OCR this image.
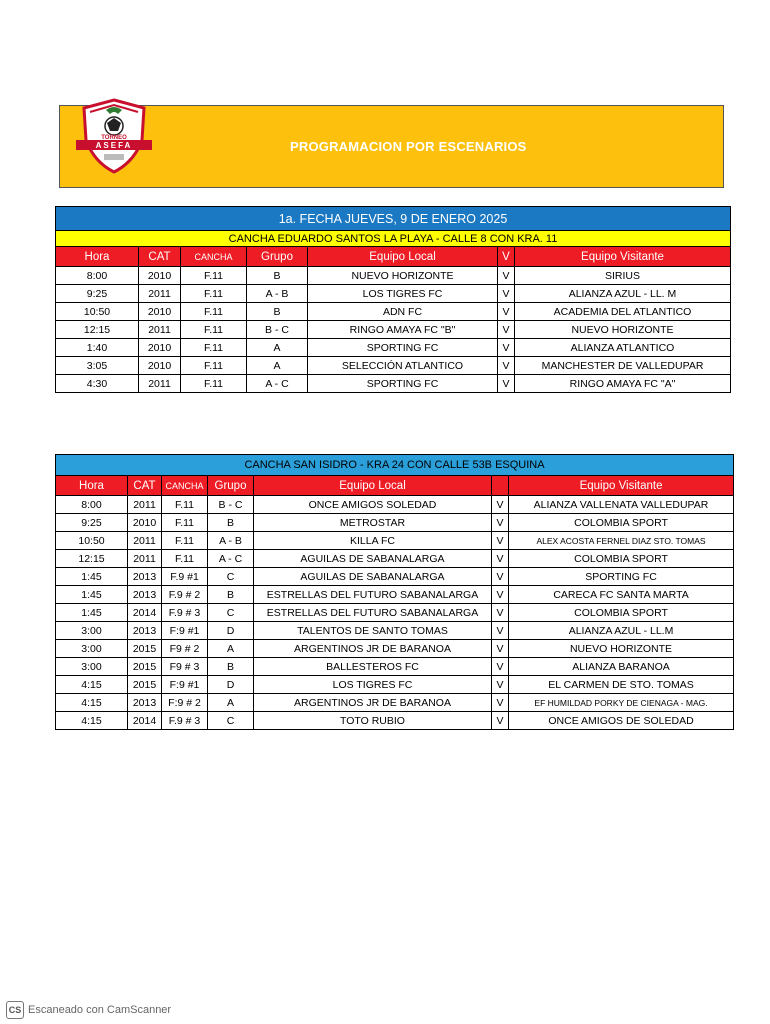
TORNEO
ASEFA	PROGRAMACION POR ESCENARIOS
1a. FECHA JUEVES, 9 DE ENERO 2025						
CANCHA EDUARDO SANTOS LA PLAYA - CALLE 8 CON KRA. 11						
Hora	CAT	CANCHA	Grupo	Equipo Local	V	Equipo Visitante
8:00	2010	F.11	B	NUEVO HORIZONTE	V	SIRIUS
9:25	2011	F.11	A - B	LOS TIGRES FC	V	ALIANZA AZUL - LL. M
10:50	2010	F.11	B	ADN FC	V	ACADEMIA DEL ATLANTICO
12:15	2011	F.11	B - C	RINGO AMAYA FC "B"	V	NUEVO HORIZONTE
1:40	2010	F.11	A	SPORTING FC	V	ALIANZA ATLANTICO
3:05	2010	F.11	A	SELECCIÓN ATLANTICO	V	MANCHESTER DE VALLEDUPAR
4:30	2011	F.11	A - C	SPORTING FC	V	RINGO AMAYA FC "A"
CANCHA SAN ISIDRO - KRA 24 CON CALLE 53B ESQUINA						
Hora	CAT	CANCHA	Grupo	Equipo Local		Equipo Visitante
8:00	2011	F.11	B - C	ONCE AMIGOS SOLEDAD	V	ALIANZA VALLENATA VALLEDUPAR
9:25	2010	F.11	B	METROSTAR	V	COLOMBIA SPORT
10:50	2011	F.11	A - B	KILLA FC	V	ALEX ACOSTA FERNEL DIAZ STO. TOMAS
12:15	2011	F.11	A - C	AGUILAS DE SABANALARGA	V	COLOMBIA SPORT
1:45	2013	F.9 #1	C	AGUILAS DE SABANALARGA	V	SPORTING FC
1:45	2013	F.9 # 2	B	ESTRELLAS DEL FUTURO SABANALARGA	V	CARECA FC SANTA MARTA
1:45	2014	F.9 # 3	C	ESTRELLAS DEL FUTURO SABANALARGA	V	COLOMBIA SPORT
3:00	2013	F:9 #1	D	TALENTOS DE SANTO TOMAS	V	ALIANZA AZUL - LL.M
3:00	2015	F9 # 2	A	ARGENTINOS JR DE BARANOA	V	NUEVO HORIZONTE
3:00	2015	F9 # 3	B	BALLESTEROS FC	V	ALIANZA BARANOA
4:15	2015	F:9 #1	D	LOS TIGRES FC	V	EL CARMEN DE STO. TOMAS
4:15	2013	F:9 # 2	A	ARGENTINOS JR DE BARANOA	V	EF HUMILDAD PORKY DE CIENAGA - MAG.
4:15	2014	F.9 # 3	C	TOTO RUBIO	V	ONCE AMIGOS DE SOLEDAD
CS Escaneado con CamScanner
